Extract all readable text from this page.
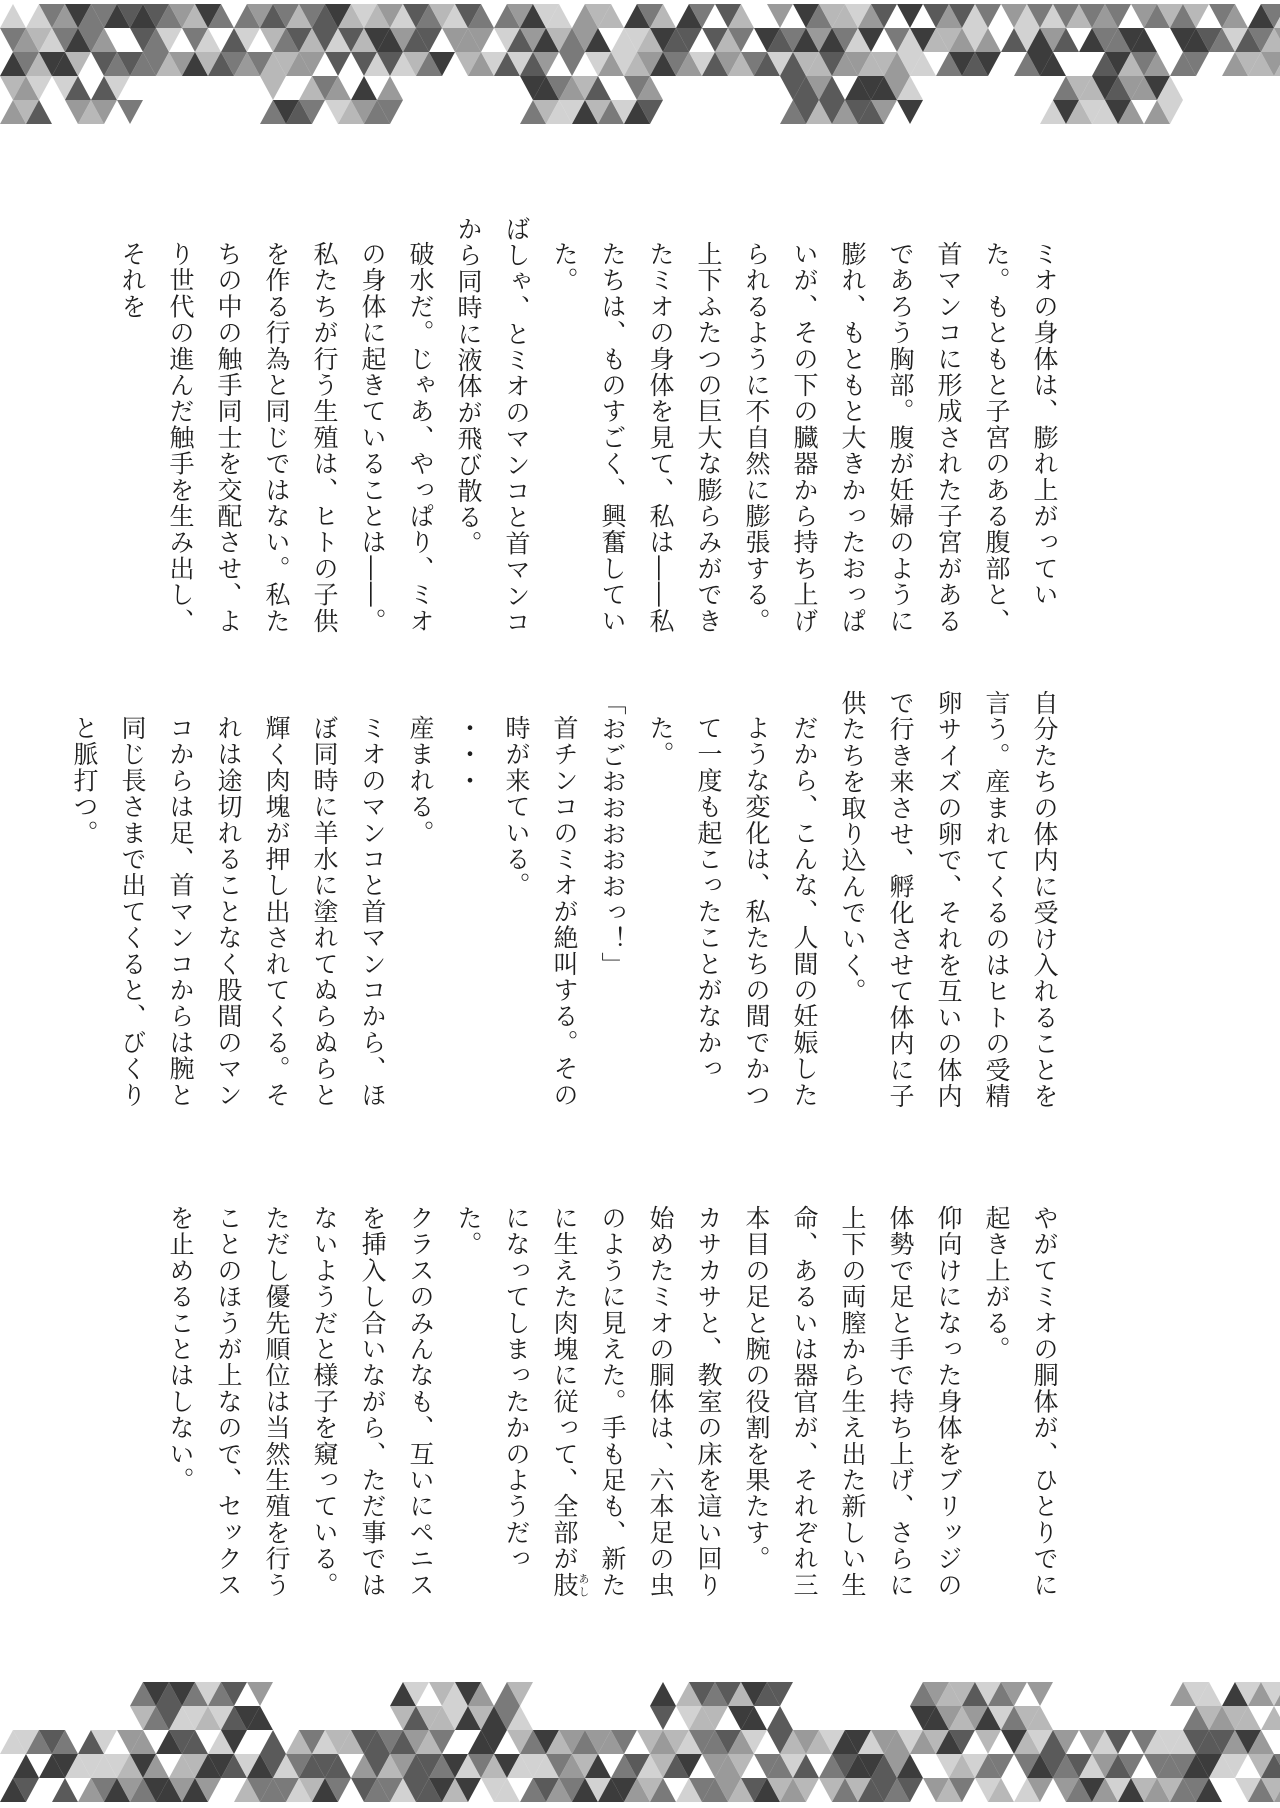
ミオの身体は、膨れ上がっていた。もともと子宮のある腹部と、首マンコに形成された子宮があるであろう胸部。腹が妊婦のように膨れ、もともと大きかったおっぱいが、その下の臓器から持ち上げられるように不自然に膨張する。

上下ふたつの巨大な膨らみができたミオの身体を見て、私は――私たちは、ものすごく、興奮していた。

ばしゃ、とミオのマンコと首マンコから同時に液体が飛び散る。

破水だ。じゃあ、やっぱり、ミオの身体に起きていることは――。

私たちが行う生殖は、ヒトの子供を作る行為と同じではない。私たちの中の触手同士を交配させ、より世代の進んだ触手を生み出し、それを

自分たちの体内に受け入れることを言う。産まれてくるのはヒトの受精卵サイズの卵で、それを互いの体内で行き来させ、孵化させて体内に子供たちを取り込んでいく。

だから、こんな、人間の妊娠したような変化は、私たちの間でかつて一度も起こったことがなかった。

「おごおおおおおっ！」

首チンコのミオが絶叫する。その時が来ている。

・・・

産まれる。

ミオのマンコと首マンコから、ほぼ同時に羊水に塗れてぬらぬらと輝く肉塊が押し出されてくる。それは途切れることなく股間のマンコからは足、首マンコからは腕と同じ長さまで出てくると、びくりと脈打つ。

やがてミオの胴体が、ひとりでに起き上がる。

仰向けになった身体をブリッジの体勢で足と手で持ち上げ、さらに上下の両膣から生え出た新しい生命、あるいは器官が、それぞれ三本目の足と腕の役割を果たす。

カサカサと、教室の床を這い回り始めたミオの胴体は、六本足の虫のように見えた。手も足も、新たに生えた肉塊に従って、全部が肢あしになってしまったかのようだった。

クラスのみんなも、互いにペニスを挿入し合いながら、ただ事ではないようだと様子を窺っている。ただし優先順位は当然生殖を行うことのほうが上なので、セックスを止めることはしない。
